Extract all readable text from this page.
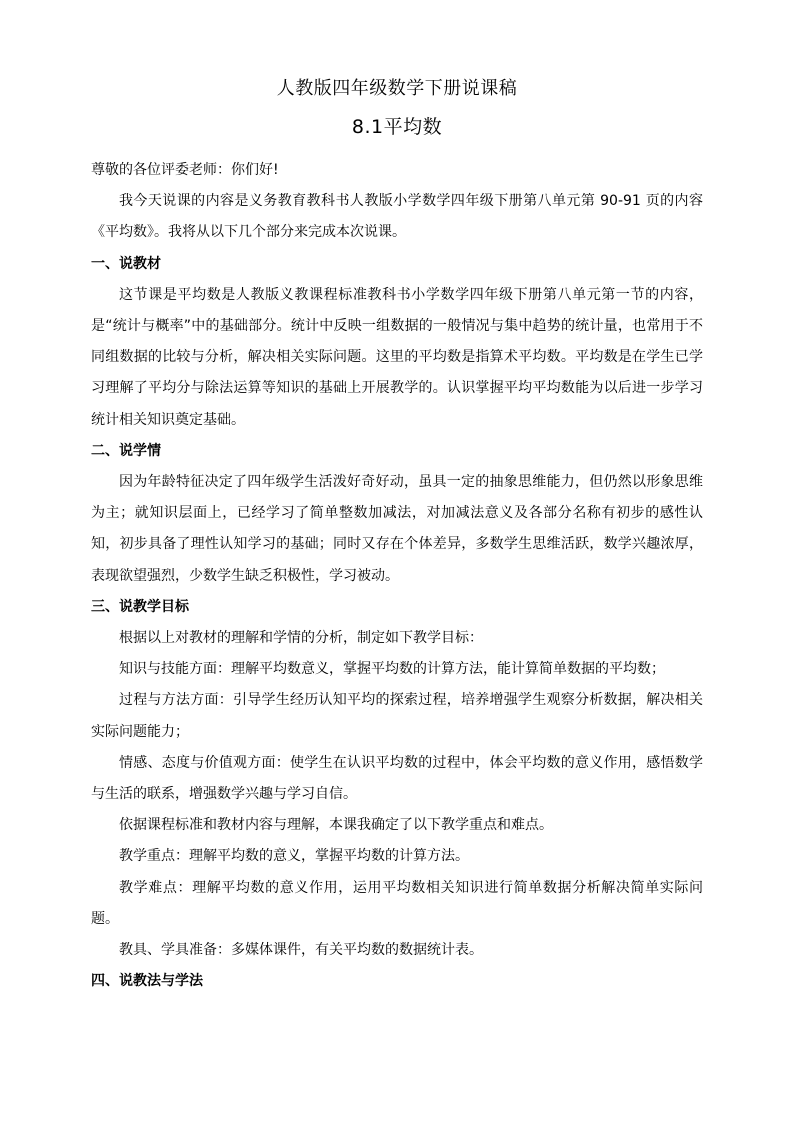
人教版四年级数学下册说课稿
8.1平均数

尊敬的各位评委老师：你们好!

我今天说课的内容是义务教育教科书人教版小学数学四年级下册第八单元第 90-91 页的内容《平均数》。我将从以下几个部分来完成本次说课。

一、说教材

这节课是平均数是人教版义教课程标准教科书小学数学四年级下册第八单元第一节的内容，是“统计与概率”中的基础部分。统计中反映一组数据的一般情况与集中趋势的统计量，也常用于不同组数据的比较与分析，解决相关实际问题。这里的平均数是指算术平均数。平均数是在学生已学习理解了平均分与除法运算等知识的基础上开展教学的。认识掌握平均平均数能为以后进一步学习统计相关知识奠定基础。

二、说学情

因为年龄特征决定了四年级学生活泼好奇好动，虽具一定的抽象思维能力，但仍然以形象思维为主；就知识层面上，已经学习了简单整数加减法，对加减法意义及各部分名称有初步的感性认知，初步具备了理性认知学习的基础；同时又存在个体差异，多数学生思维活跃，数学兴趣浓厚，表现欲望强烈，少数学生缺乏积极性，学习被动。

三、说教学目标

根据以上对教材的理解和学情的分析，制定如下教学目标：

知识与技能方面：理解平均数意义，掌握平均数的计算方法，能计算简单数据的平均数；

过程与方法方面：引导学生经历认知平均的探索过程，培养增强学生观察分析数据，解决相关实际问题能力；

情感、态度与价值观方面：使学生在认识平均数的过程中，体会平均数的意义作用，感悟数学与生活的联系，增强数学兴趣与学习自信。

依据课程标准和教材内容与理解，本课我确定了以下教学重点和难点。

教学重点：理解平均数的意义，掌握平均数的计算方法。

教学难点：理解平均数的意义作用，运用平均数相关知识进行简单数据分析解决简单实际问题。

教具、学具准备：多媒体课件，有关平均数的数据统计表。

四、说教法与学法
